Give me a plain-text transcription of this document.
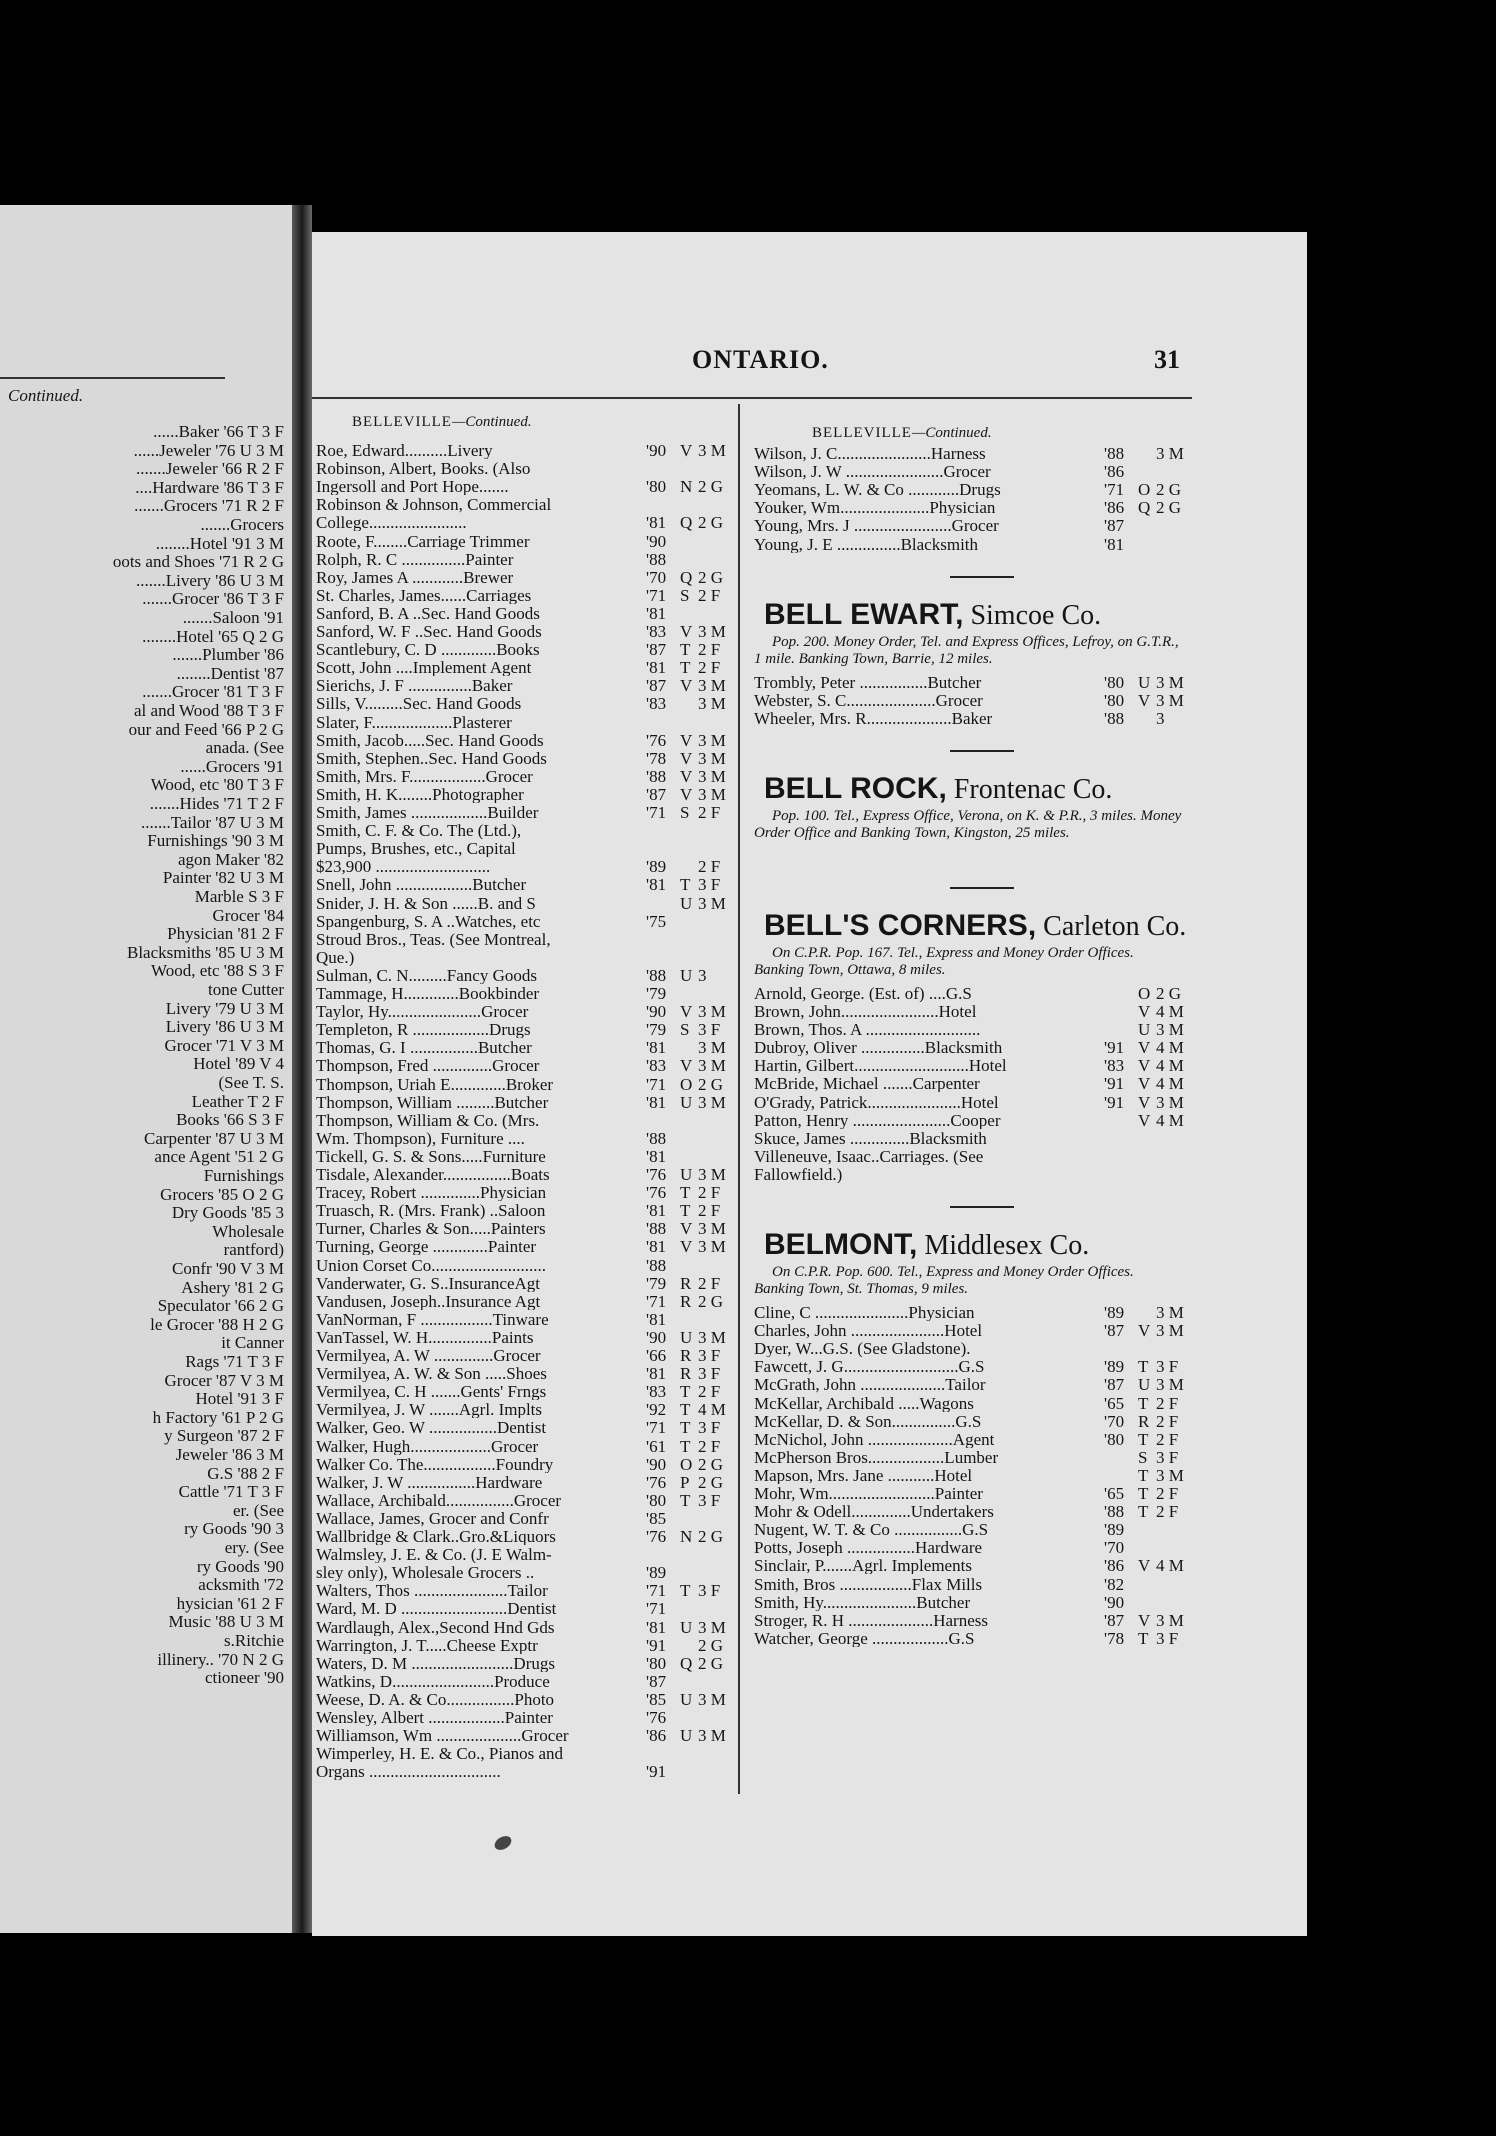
Continued.
......Baker '66 T 3 F
......Jeweler '76 U 3 M
.......Jeweler '66 R 2 F
....Hardware '86 T 3 F
.......Grocers '71 R 2 F
.......Grocers
........Hotel '91 3 M
oots and Shoes '71 R 2 G
.......Livery '86 U 3 M
.......Grocer '86 T 3 F
.......Saloon '91
........Hotel '65 Q 2 G
.......Plumber '86
........Dentist '87
.......Grocer '81 T 3 F
al and Wood '88 T 3 F
our and Feed '66 P 2 G
anada. (See
......Grocers '91
Wood, etc '80 T 3 F
.......Hides '71 T 2 F
.......Tailor '87 U 3 M
Furnishings '90 3 M
agon Maker '82
Painter '82 U 3 M
Marble S 3 F
Grocer '84
Physician '81 2 F
Blacksmiths '85 U 3 M
Wood, etc '88 S 3 F
tone Cutter
Livery '79 U 3 M
Livery '86 U 3 M
Grocer '71 V 3 M
Hotel '89 V 4
(See T. S.
Leather T 2 F
Books '66 S 3 F
Carpenter '87 U 3 M
ance Agent '51 2 G
Furnishings
Grocers '85 O 2 G
Dry Goods '85 3
Wholesale
rantford)
Confr '90 V 3 M
Ashery '81 2 G
Speculator '66 2 G
le Grocer '88 H 2 G
it Canner
Rags '71 T 3 F
Grocer '87 V 3 M
Hotel '91 3 F
h Factory '61 P 2 G
y Surgeon '87 2 F
Jeweler '86 3 M
G.S '88 2 F
Cattle '71 T 3 F
er. (See
ry Goods '90 3
ery. (See
ry Goods '90
acksmith '72
hysician '61 2 F
Music '88 U 3 M
s.Ritchie
illinery.. '70 N 2 G
ctioneer '90
ONTARIO.	31
BELLEVILLE—Continued.
Roe, Edward..........Livery	'90 V 3 M
Robinson, Albert, Books. (Also
Ingersoll and Port Hope.......	'80 N 2 G
Robinson & Johnson, Commercial
College.......................	'81 Q 2 G
Roote, F........Carriage Trimmer	'90
Rolph, R. C ...............Painter	'88
Roy, James A ............Brewer	'70 Q 2 G
St. Charles, James......Carriages	'71 S 2 F
Sanford, B. A ..Sec. Hand Goods	'81
Sanford, W. F ..Sec. Hand Goods	'83 V 3 M
Scantlebury, C. D .............Books	'87 T 2 F
Scott, John ....Implement Agent	'81 T 2 F
Sierichs, J. F ...............Baker	'87 V 3 M
Sills, V.........Sec. Hand Goods	'83 3 M
Slater, F...................Plasterer
Smith, Jacob.....Sec. Hand Goods	'76 V 3 M
Smith, Stephen..Sec. Hand Goods	'78 V 3 M
Smith, Mrs. F..................Grocer	'88 V 3 M
Smith, H. K........Photographer	'87 V 3 M
Smith, James ..................Builder	'71 S 2 F
Smith, C. F. & Co. The (Ltd.),
Pumps, Brushes, etc., Capital
$23,900 ...........................	'89 2 F
Snell, John ..................Butcher	'81 T 3 F
Snider, J. H. & Son ......B. and S	U 3 M
Spangenburg, S. A ..Watches, etc	'75
Stroud Bros., Teas. (See Montreal,
Que.)
Sulman, C. N.........Fancy Goods	'88 U 3
Tammage, H.............Bookbinder	'79
Taylor, Hy......................Grocer	'90 V 3 M
Templeton, R ..................Drugs	'79 S 3 F
Thomas, G. I ................Butcher	'81 3 M
Thompson, Fred ..............Grocer	'83 V 3 M
Thompson, Uriah E.............Broker	'71 O 2 G
Thompson, William .........Butcher	'81 U 3 M
Thompson, William & Co. (Mrs.
Wm. Thompson), Furniture ....	'88
Tickell, G. S. & Sons.....Furniture	'81
Tisdale, Alexander................Boats	'76 U 3 M
Tracey, Robert ..............Physician	'76 T 2 F
Truasch, R. (Mrs. Frank) ..Saloon	'81 T 2 F
Turner, Charles & Son.....Painters	'88 V 3 M
Turning, George .............Painter	'81 V 3 M
Union Corset Co...........................	'88
Vanderwater, G. S..InsuranceAgt	'79 R 2 F
Vandusen, Joseph..Insurance Agt	'71 R 2 G
VanNorman, F .................Tinware	'81
VanTassel, W. H...............Paints	'90 U 3 M
Vermilyea, A. W ..............Grocer	'66 R 3 F
Vermilyea, A. W. & Son .....Shoes	'81 R 3 F
Vermilyea, C. H .......Gents' Frngs	'83 T 2 F
Vermilyea, J. W .......Agrl. Implts	'92 T 4 M
Walker, Geo. W ................Dentist	'71 T 3 F
Walker, Hugh...................Grocer	'61 T 2 F
Walker Co. The.................Foundry	'90 O 2 G
Walker, J. W ................Hardware	'76 P 2 G
Wallace, Archibald................Grocer	'80 T 3 F
Wallace, James, Grocer and Confr	'85
Wallbridge & Clark..Gro.&Liquors	'76 N 2 G
Walmsley, J. E. & Co. (J. E Walm-
sley only), Wholesale Grocers ..	'89
Walters, Thos ......................Tailor	'71 T 3 F
Ward, M. D .........................Dentist	'71
Wardlaugh, Alex.,Second Hnd Gds	'81 U 3 M
Warrington, J. T.....Cheese Exptr	'91 2 G
Waters, D. M ........................Drugs	'80 Q 2 G
Watkins, D........................Produce	'87
Weese, D. A. & Co................Photo	'85 U 3 M
Wensley, Albert ..................Painter	'76
Williamson, Wm ....................Grocer	'86 U 3 M
Wimperley, H. E. & Co., Pianos and
Organs ...............................	'91
BELLEVILLE—Continued.
Wilson, J. C......................Harness	'88 3 M
Wilson, J. W .......................Grocer	'86
Yeomans, L. W. & Co ............Drugs	'71 O 2 G
Youker, Wm.....................Physician	'86 Q 2 G
Young, Mrs. J .......................Grocer	'87
Young, J. E ...............Blacksmith	'81
BELL EWART, Simcoe Co.
Pop. 200. Money Order, Tel. and Express Offices, Lefroy, on G.T.R., 1 mile. Banking Town, Barrie, 12 miles.
Trombly, Peter ................Butcher	'80 U 3 M
Webster, S. C.....................Grocer	'80 V 3 M
Wheeler, Mrs. R....................Baker	'88 3
BELL ROCK, Frontenac Co.
Pop. 100. Tel., Express Office, Verona, on K. & P.R., 3 miles. Money Order Office and Banking Town, Kingston, 25 miles.
BELL'S CORNERS, Carleton Co.
On C.P.R. Pop. 167. Tel., Express and Money Order Offices. Banking Town, Ottawa, 8 miles.
Arnold, George. (Est. of) ....G.S	O 2 G
Brown, John.......................Hotel	V 4 M
Brown, Thos. A ...........................	U 3 M
Dubroy, Oliver ...............Blacksmith	'91 V 4 M
Hartin, Gilbert...........................Hotel	'83 V 4 M
McBride, Michael .......Carpenter	'91 V 4 M
O'Grady, Patrick......................Hotel	'91 V 3 M
Patton, Henry .......................Cooper	V 4 M
Skuce, James ..............Blacksmith
Villeneuve, Isaac..Carriages. (See
Fallowfield.)
BELMONT, Middlesex Co.
On C.P.R. Pop. 600. Tel., Express and Money Order Offices. Banking Town, St. Thomas, 9 miles.
Cline, C ......................Physician	'89 3 M
Charles, John ......................Hotel	'87 V 3 M
Dyer, W...G.S. (See Gladstone).
Fawcett, J. G...........................G.S	'89 T 3 F
McGrath, John ....................Tailor	'87 U 3 M
McKellar, Archibald .....Wagons	'65 T 2 F
McKellar, D. & Son...............G.S	'70 R 2 F
McNichol, John ....................Agent	'80 T 2 F
McPherson Bros..................Lumber	S 3 F
Mapson, Mrs. Jane ...........Hotel	T 3 M
Mohr, Wm.........................Painter	'65 T 2 F
Mohr & Odell..............Undertakers	'88 T 2 F
Nugent, W. T. & Co ................G.S	'89
Potts, Joseph ................Hardware	'70
Sinclair, P.......Agrl. Implements	'86 V 4 M
Smith, Bros .................Flax Mills	'82
Smith, Hy......................Butcher	'90
Stroger, R. H ....................Harness	'87 V 3 M
Watcher, George ..................G.S	'78 T 3 F
